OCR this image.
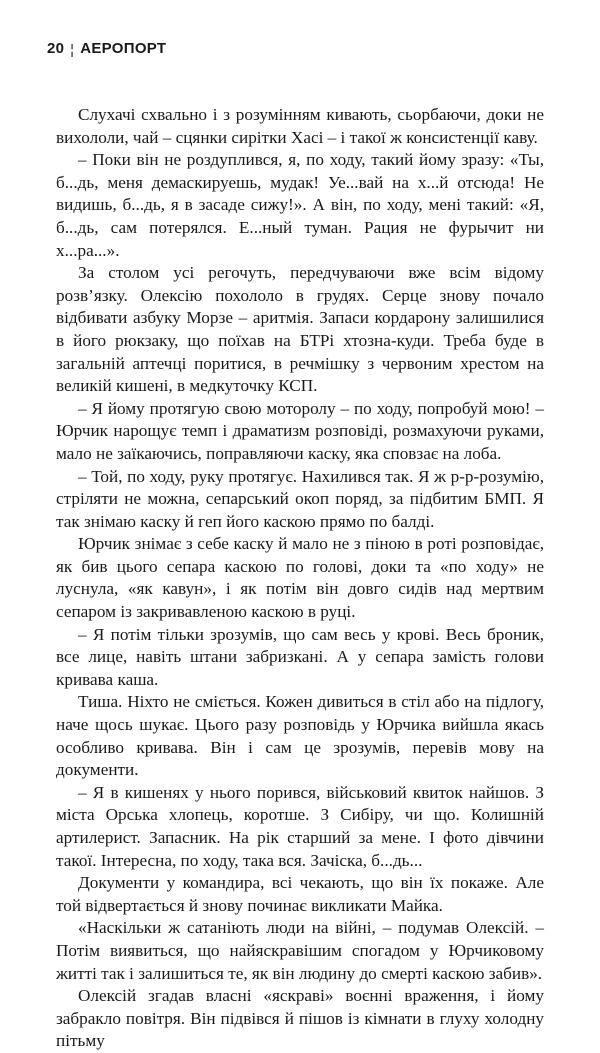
20 ¦ АЕРОПОРТ

Слухачі схвально і з розумінням кивають, сьорбаючи, доки не вихололи, чай – сцянки сирітки Хасі – і такої ж консистенції каву.

– Поки він не роздуплився, я, по ходу, такий йому зразу: «Ты, б...дь, меня демаскируешь, мудак! Уе...вай на х...й отсюда! Не видишь, б...дь, я в засаде сижу!». А він, по ходу, мені такий: «Я, б...дь, сам потерялся. Е...ный туман. Рация не фурычит ни х...ра...».

За столом усі регочуть, передчуваючи вже всім відому розв’язку. Олексію похололо в грудях. Серце знову почало відбивати азбуку Морзе – аритмія. Запаси кордарону залишилися в його рюкзаку, що поїхав на БТРі хтозна-куди. Треба буде в загальній аптечці поритися, в речмішку з червоним хрестом на великій кишені, в медкуточку КСП.

– Я йому протягую свою моторолу – по ходу, попробуй мою! – Юрчик нарощує темп і драматизм розповіді, розмахуючи руками, мало не заїкаючись, поправляючи каску, яка сповзає на лоба.

– Той, по ходу, руку протягує. Нахилився так. Я ж р-р-розумію, стріляти не можна, сепарський окоп поряд, за підбитим БМП. Я так знімаю каску й геп його каскою прямо по балді.

Юрчик знімає з себе каску й мало не з піною в роті розповідає, як бив цього сепара каскою по голові, доки та «по ходу» не луснула, «як кавун», і як потім він довго сидів над мертвим сепаром із закривавленою каскою в руці.

– Я потім тільки зрозумів, що сам весь у крові. Весь броник, все лице, навіть штани забризкані. А у сепара замість голови кривава каша.

Тиша. Ніхто не сміється. Кожен дивиться в стіл або на підлогу, наче щось шукає. Цього разу розповідь у Юрчика вийшла якась особливо кривава. Він і сам це зрозумів, перевів мову на документи.

– Я в кишенях у нього порився, військовий квиток найшов. З міста Орська хлопець, коротше. З Сибіру, чи що. Колишній артилерист. Запасник. На рік старший за мене. І фото дівчини такої. Інтересна, по ходу, така вся. Зачіска, б...дь...

Документи у командира, всі чекають, що він їх покаже. Але той відвертається й знову починає викликати Майка.

«Наскільки ж сатаніють люди на війні, – подумав Олексій. – Потім виявиться, що найяскравішим спогадом у Юрчиковому житті так і залишиться те, як він людину до смерті каскою забив».

Олексій згадав власні «яскраві» воєнні враження, і йому забракло повітря. Він підвівся й пішов із кімнати в глуху холодну пітьму
